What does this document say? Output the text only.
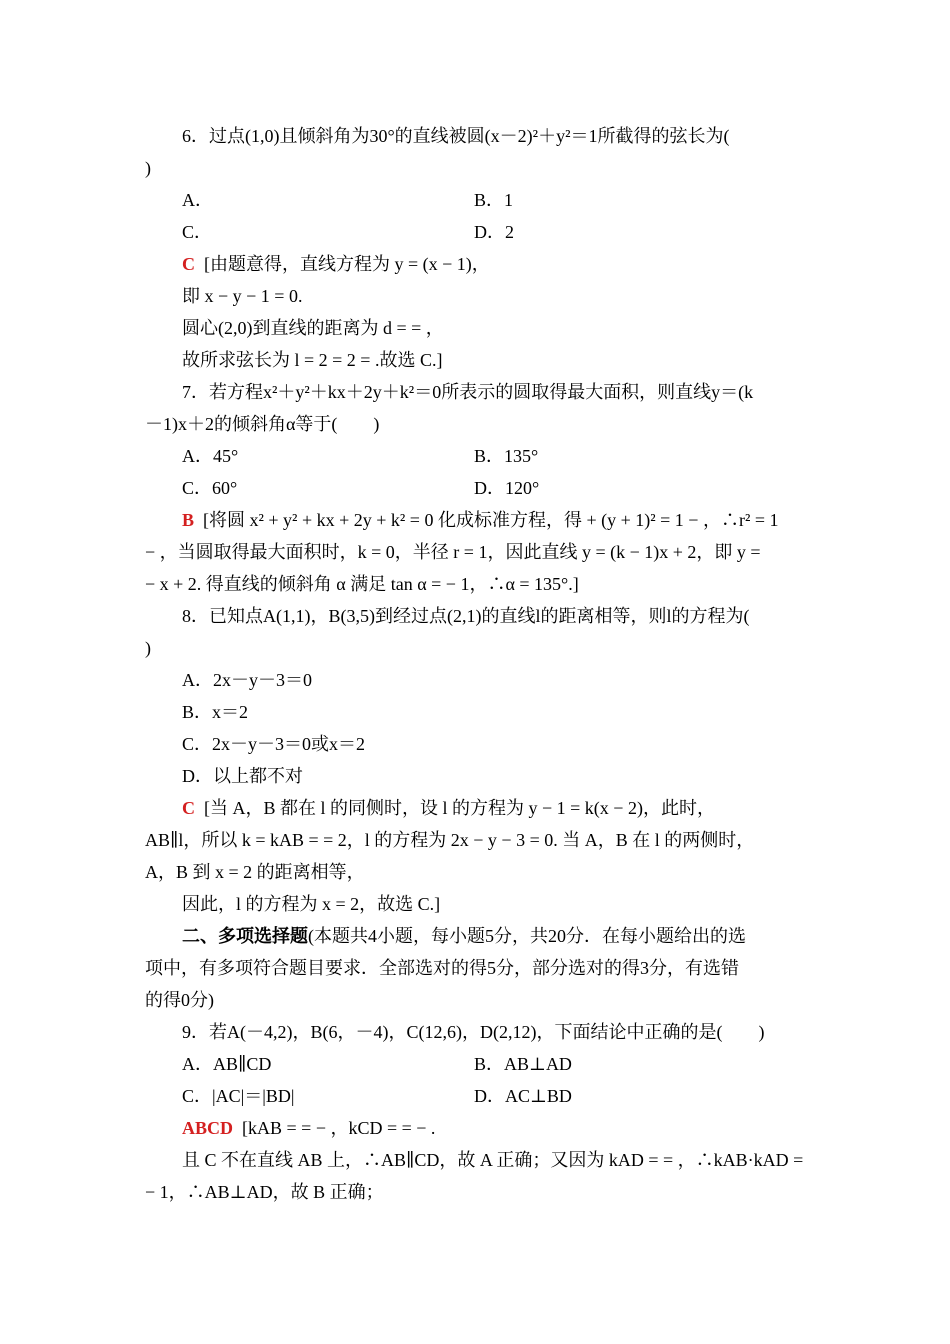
6．过点(1,0)且倾斜角为30°的直线被圆(x－2)²＋y²＝1所截得的弦长为(
)
A．	B．1
C．	D．2
C [由题意得，直线方程为 y = (x − 1)，
即 x − y − 1 = 0.
圆心(2,0)到直线的距离为 d = = ，
故所求弦长为 l = 2 = 2 = .故选 C.]
7．若方程x²＋y²＋kx＋2y＋k²＝0所表示的圆取得最大面积，则直线y＝(k
－1)x＋2的倾斜角α等于(　　)
A．45°	B．135°
C．60°	D．120°
B [将圆 x² + y² + kx + 2y + k² = 0 化成标准方程，得 + (y + 1)² = 1 − ，∴r² = 1
− ，当圆取得最大面积时，k = 0，半径 r = 1，因此直线 y = (k − 1)x + 2，即 y =
− x + 2. 得直线的倾斜角 α 满足 tan α = − 1，∴α = 135°.]
8．已知点A(1,1)，B(3,5)到经过点(2,1)的直线l的距离相等，则l的方程为(
)
A．2x－y－3＝0
B．x＝2
C．2x－y－3＝0或x＝2
D．以上都不对
C [当 A，B 都在 l 的同侧时，设 l 的方程为 y − 1 = k(x − 2)，此时，
AB∥l，所以 k = kAB = = 2，l 的方程为 2x − y − 3 = 0. 当 A，B 在 l 的两侧时，
A，B 到 x = 2 的距离相等，
因此，l 的方程为 x = 2，故选 C.]
二、多项选择题(本题共4小题，每小题5分，共20分．在每小题给出的选
项中，有多项符合题目要求．全部选对的得5分，部分选对的得3分，有选错
的得0分)
9．若A(－4,2)，B(6，－4)，C(12,6)，D(2,12)，下面结论中正确的是(　　)
A．AB∥CD	B．AB⊥AD
C．|AC|＝|BD|	D．AC⊥BD
ABCD [kAB = = − ，kCD = = − .
且 C 不在直线 AB 上，∴AB∥CD，故 A 正确；又因为 kAD = = ，∴kAB·kAD =
− 1，∴AB⊥AD，故 B 正确；
